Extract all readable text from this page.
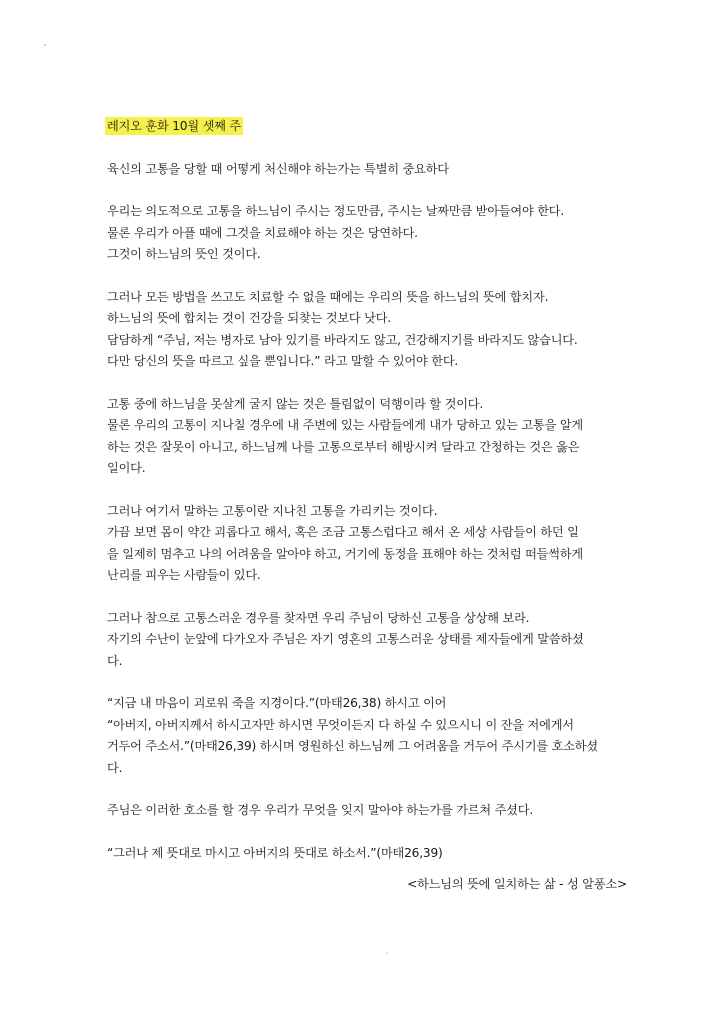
레지오 훈화 10월 셋째 주
육신의 고통을 당할 때 어떻게 처신해야 하는가는 특별히 중요하다
우리는 의도적으로 고통을 하느님이 주시는 정도만큼, 주시는 날짜만큼 받아들여야 한다.
물론 우리가 아플 때에 그것을 치료해야 하는 것은 당연하다.
그것이 하느님의 뜻인 것이다.
그러나 모든 방법을 쓰고도 치료할 수 없을 때에는 우리의 뜻을 하느님의 뜻에 합치자.
하느님의 뜻에 합치는 것이 건강을 되찾는 것보다 낫다.
담담하게 “주님, 저는 병자로 남아 있기를 바라지도 않고, 건강해지기를 바라지도 않습니다.
다만 당신의 뜻을 따르고 싶을 뿐입니다.” 라고 말할 수 있어야 한다.
고통 중에 하느님을 못살게 굴지 않는 것은 틀림없이 덕행이라 할 것이다.
물론 우리의 고통이 지나칠 경우에 내 주변에 있는 사람들에게 내가 당하고 있는 고통을 알게
하는 것은 잘못이 아니고, 하느님께 나를 고통으로부터 해방시켜 달라고 간청하는 것은 옳은
일이다.
그러나 여기서 말하는 고통이란 지나친 고통을 가리키는 것이다.
가끔 보면 몸이 약간 괴롭다고 해서, 혹은 조금 고통스럽다고 해서 온 세상 사람들이 하던 일
을 일제히 멈추고 나의 어려움을 알아야 하고, 거기에 동정을 표해야 하는 것처럼 떠들썩하게
난리를 피우는 사람들이 있다.
그러나 참으로 고통스러운 경우를 찾자면 우리 주님이 당하신 고통을 상상해 보라.
자기의 수난이 눈앞에 다가오자 주님은 자기 영혼의 고통스러운 상태를 제자들에게 말씀하셨
다.
“지금 내 마음이 괴로워 죽을 지경이다.”(마태26,38) 하시고 이어
“아버지, 아버지께서 하시고자만 하시면 무엇이든지 다 하실 수 있으시니 이 잔을 저에게서
거두어 주소서.”(마태26,39) 하시며 영원하신 하느님께 그 어려움을 거두어 주시기를 호소하셨
다.
주님은 이러한 호소를 할 경우 우리가 무엇을 잊지 말아야 하는가를 가르쳐 주셨다.
“그러나 제 뜻대로 마시고 아버지의 뜻대로 하소서.”(마태26,39)
<하느님의 뜻에 일치하는 삶 - 성 알퐁소>
